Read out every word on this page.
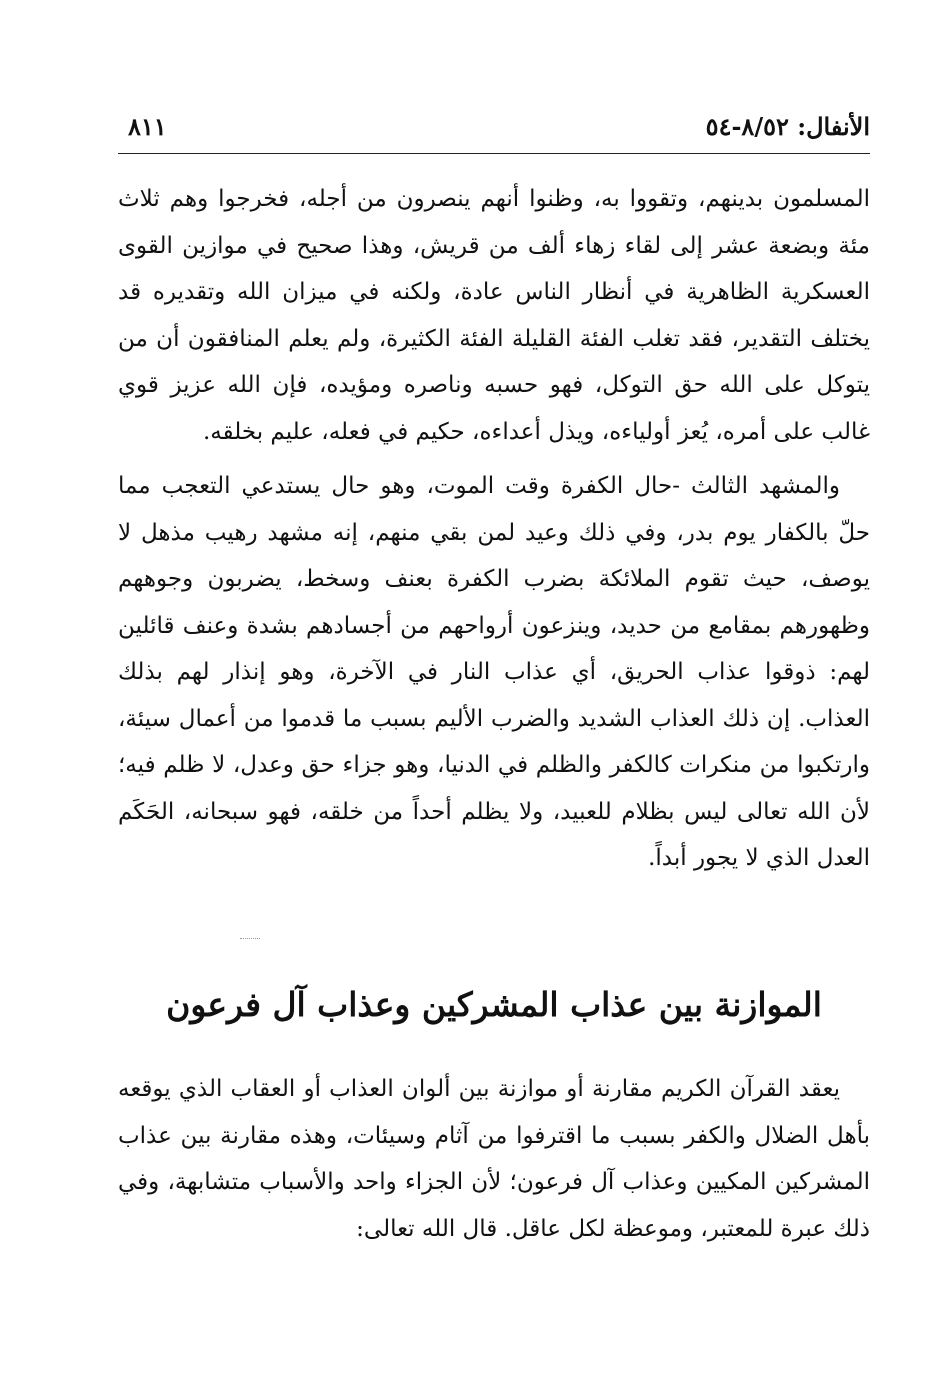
الأنفال: ٨/٥٢-٥٤
٨١١

المسلمون بدينهم، وتقووا به، وظنوا أنهم ينصرون من أجله، فخرجوا وهم ثلاث مئة وبضعة عشر إلى لقاء زهاء ألف من قريش، وهذا صحيح في موازين القوى العسكرية الظاهرية في أنظار الناس عادة، ولكنه في ميزان الله وتقديره قد يختلف التقدير، فقد تغلب الفئة القليلة الفئة الكثيرة، ولم يعلم المنافقون أن من يتوكل على الله حق التوكل، فهو حسبه وناصره ومؤيده، فإن الله عزيز قوي غالب على أمره، يُعز أولياءه، ويذل أعداءه، حكيم في فعله، عليم بخلقه.

والمشهد الثالث -حال الكفرة وقت الموت، وهو حال يستدعي التعجب مما حلّ بالكفار يوم بدر، وفي ذلك وعيد لمن بقي منهم، إنه مشهد رهيب مذهل لا يوصف، حيث تقوم الملائكة بضرب الكفرة بعنف وسخط، يضربون وجوههم وظهورهم بمقامع من حديد، وينزعون أرواحهم من أجسادهم بشدة وعنف قائلين لهم: ذوقوا عذاب الحريق، أي عذاب النار في الآخرة، وهو إنذار لهم بذلك العذاب. إن ذلك العذاب الشديد والضرب الأليم بسبب ما قدموا من أعمال سيئة، وارتكبوا من منكرات كالكفر والظلم في الدنيا، وهو جزاء حق وعدل، لا ظلم فيه؛ لأن الله تعالى ليس بظلام للعبيد، ولا يظلم أحداً من خلقه، فهو سبحانه، الحَكَم العدل الذي لا يجور أبداً.

الموازنة بين عذاب المشركين وعذاب آل فرعون

يعقد القرآن الكريم مقارنة أو موازنة بين ألوان العذاب أو العقاب الذي يوقعه بأهل الضلال والكفر بسبب ما اقترفوا من آثام وسيئات، وهذه مقارنة بين عذاب المشركين المكيين وعذاب آل فرعون؛ لأن الجزاء واحد والأسباب متشابهة، وفي ذلك عبرة للمعتبر، وموعظة لكل عاقل. قال الله تعالى:
